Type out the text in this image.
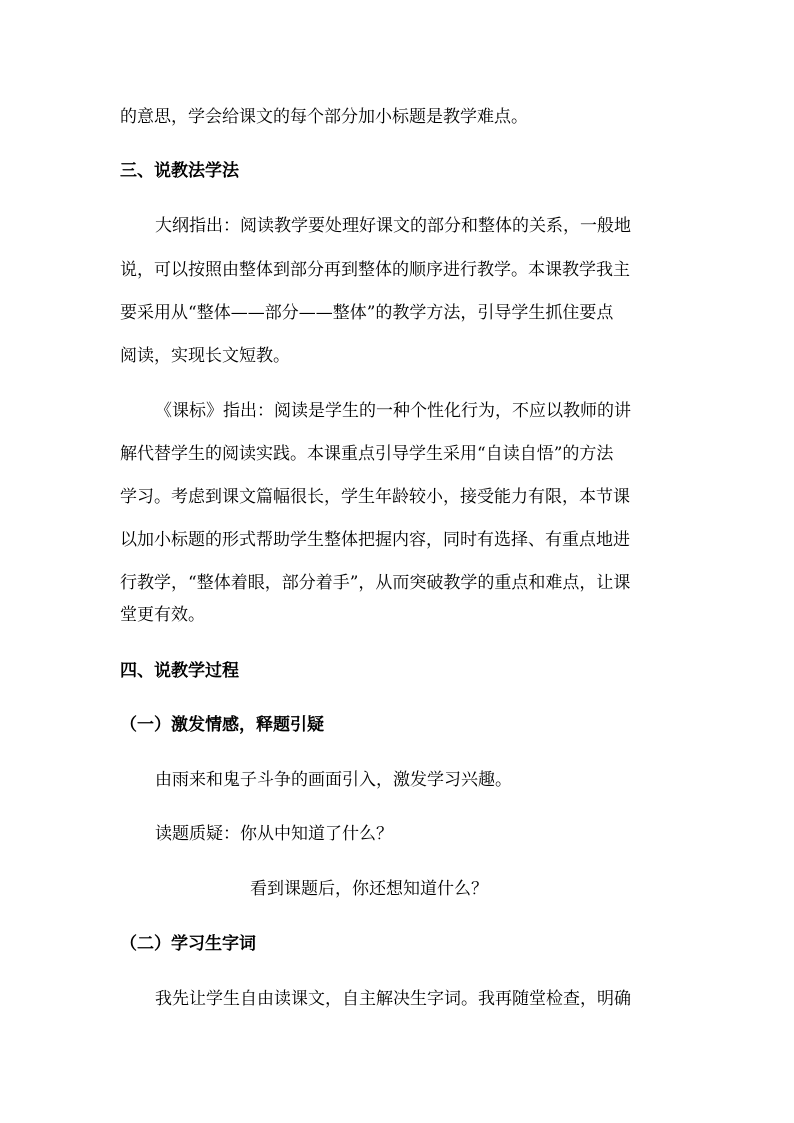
的意思，学会给课文的每个部分加小标题是教学难点。
三、说教法学法
大纲指出：阅读教学要处理好课文的部分和整体的关系，一般地
说，可以按照由整体到部分再到整体的顺序进行教学。本课教学我主
要采用从“整体——部分——整体”的教学方法，引导学生抓住要点
阅读，实现长文短教。
《课标》指出：阅读是学生的一种个性化行为，不应以教师的讲
解代替学生的阅读实践。本课重点引导学生采用“自读自悟”的方法
学习。考虑到课文篇幅很长，学生年龄较小，接受能力有限，本节课
以加小标题的形式帮助学生整体把握内容，同时有选择、有重点地进
行教学，“整体着眼，部分着手”，从而突破教学的重点和难点，让课
堂更有效。
四、说教学过程
（一）激发情感，释题引疑
由雨来和鬼子斗争的画面引入，激发学习兴趣。
读题质疑：你从中知道了什么？
看到课题后，你还想知道什么？
（二）学习生字词
我先让学生自由读课文，自主解决生字词。我再随堂检查，明确
